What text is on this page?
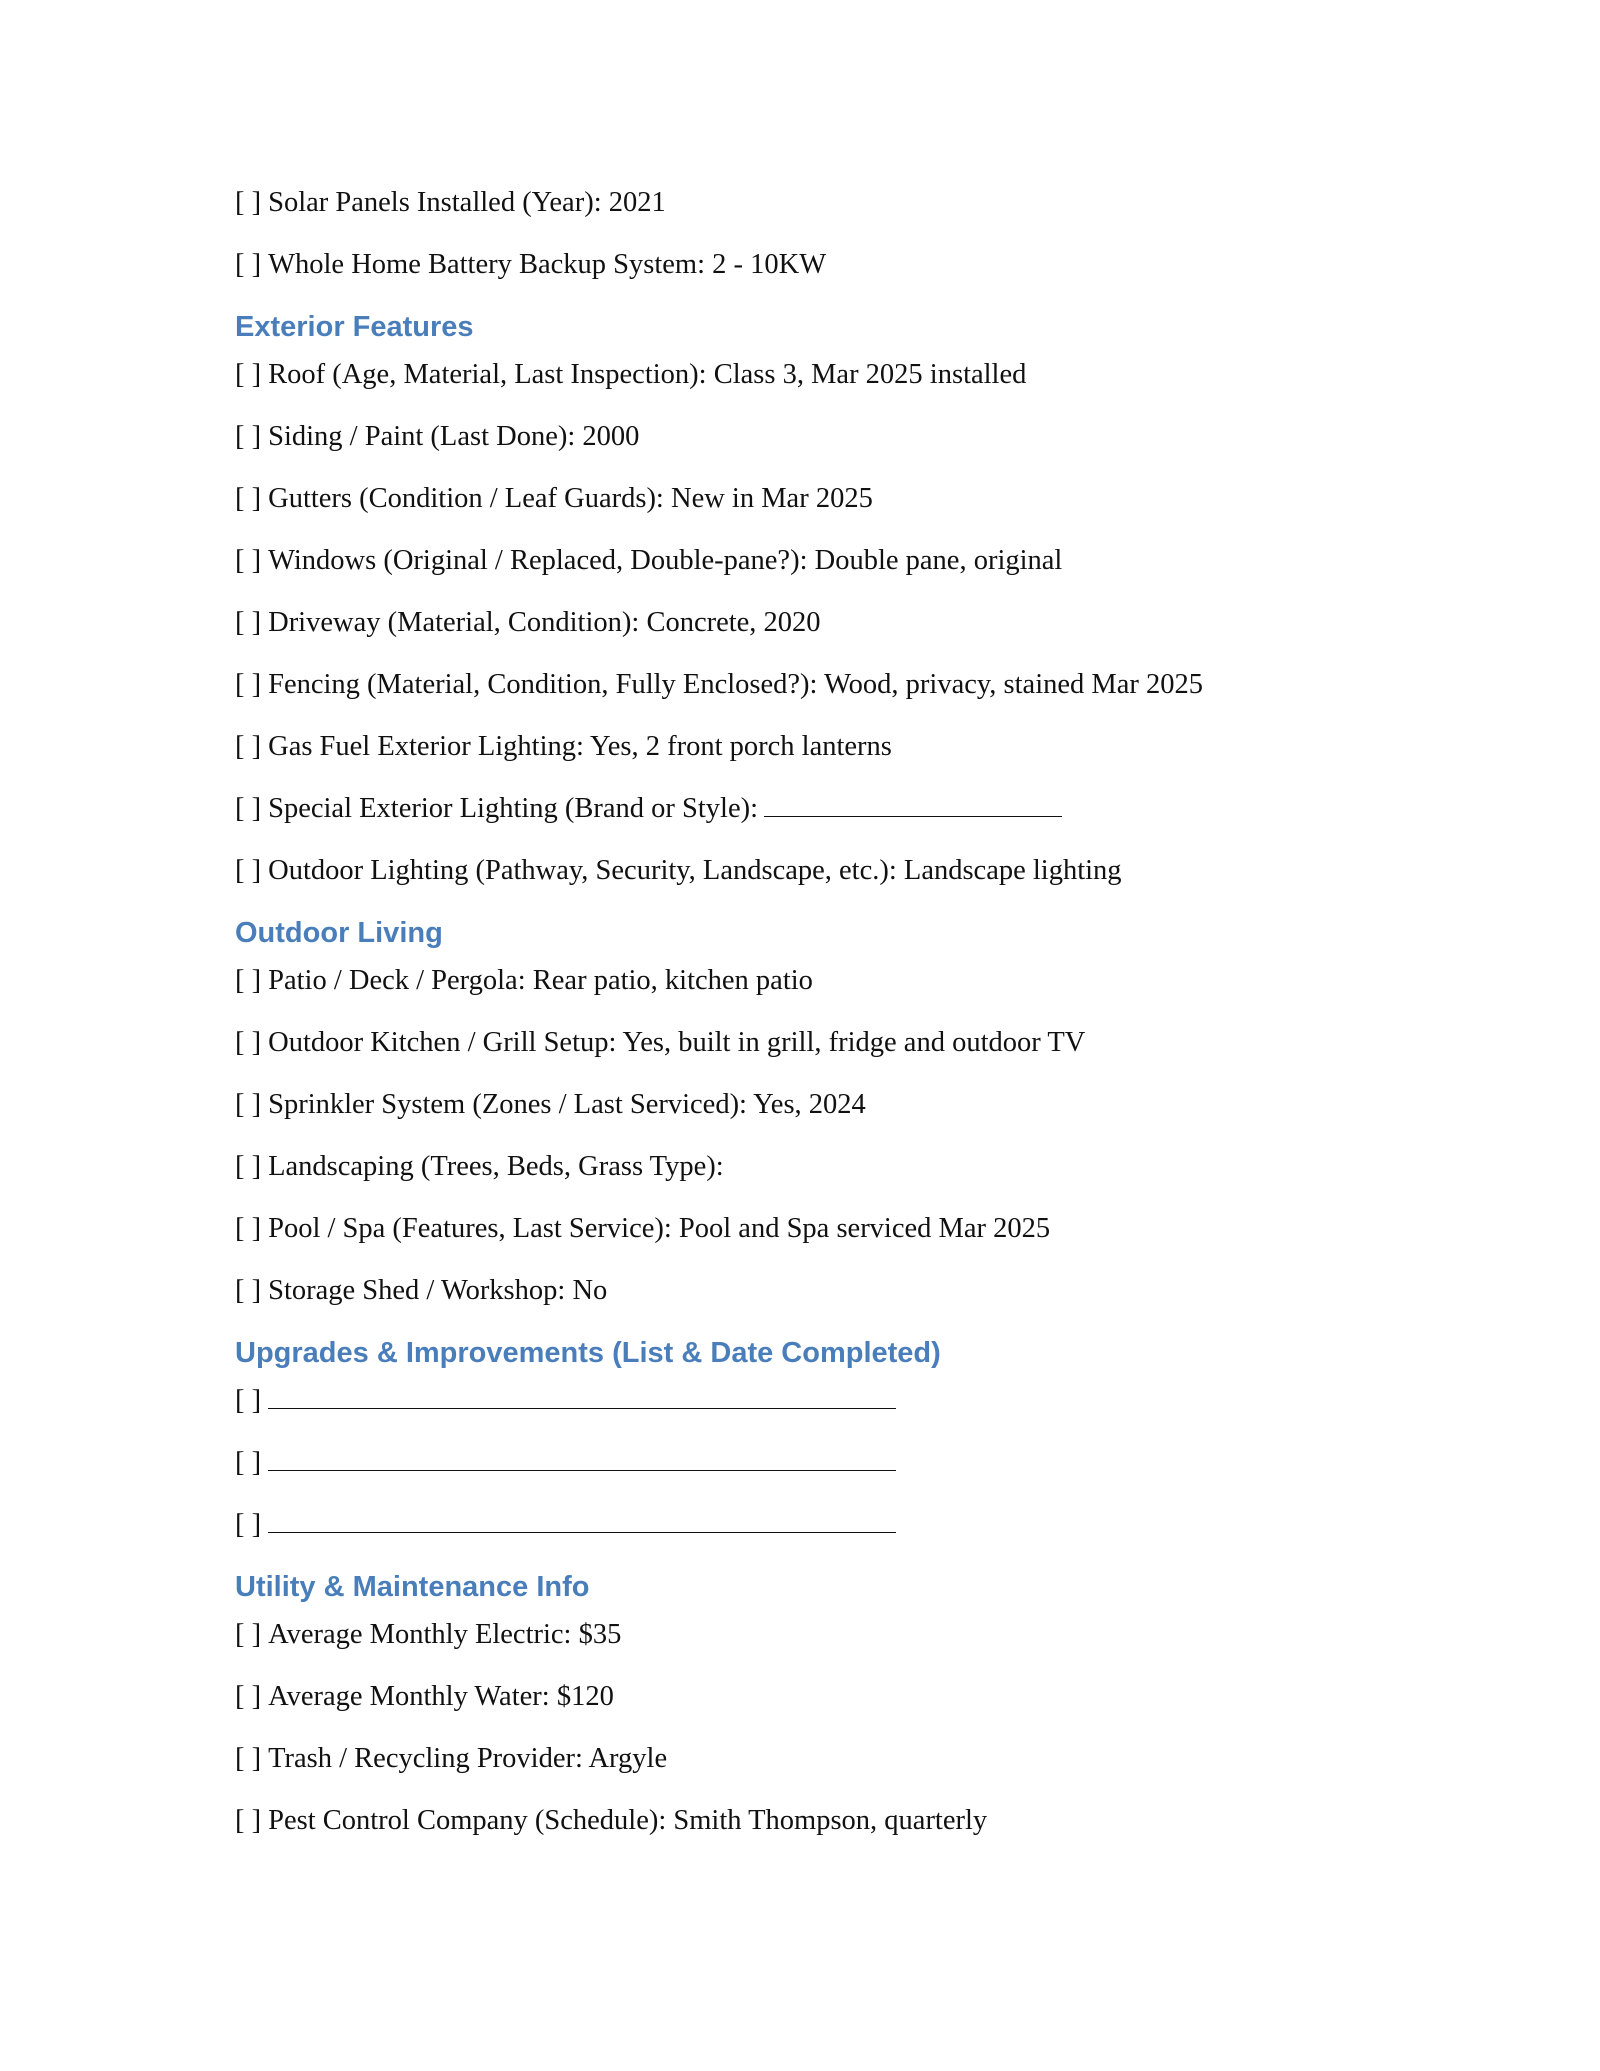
[ ] Solar Panels Installed (Year): 2021
[ ] Whole Home Battery Backup System: 2 - 10KW
Exterior Features
[ ] Roof (Age, Material, Last Inspection): Class 3, Mar 2025 installed
[ ] Siding / Paint (Last Done): 2000
[ ] Gutters (Condition / Leaf Guards): New in Mar 2025
[ ] Windows (Original / Replaced, Double-pane?): Double pane, original
[ ] Driveway (Material, Condition): Concrete, 2020
[ ] Fencing (Material, Condition, Fully Enclosed?): Wood, privacy, stained Mar 2025
[ ] Gas Fuel Exterior Lighting: Yes, 2 front porch lanterns
[ ] Special Exterior Lighting (Brand or Style):
[ ] Outdoor Lighting (Pathway, Security, Landscape, etc.): Landscape lighting
Outdoor Living
[ ] Patio / Deck / Pergola: Rear patio, kitchen patio
[ ] Outdoor Kitchen / Grill Setup: Yes, built in grill, fridge and outdoor TV
[ ] Sprinkler System (Zones / Last Serviced): Yes, 2024
[ ] Landscaping (Trees, Beds, Grass Type):
[ ] Pool / Spa (Features, Last Service): Pool and Spa serviced Mar 2025
[ ] Storage Shed / Workshop: No
Upgrades & Improvements (List & Date Completed)
[ ]
[ ]
[ ]
Utility & Maintenance Info
[ ] Average Monthly Electric: $35
[ ] Average Monthly Water: $120
[ ] Trash / Recycling Provider: Argyle
[ ] Pest Control Company (Schedule): Smith Thompson, quarterly
